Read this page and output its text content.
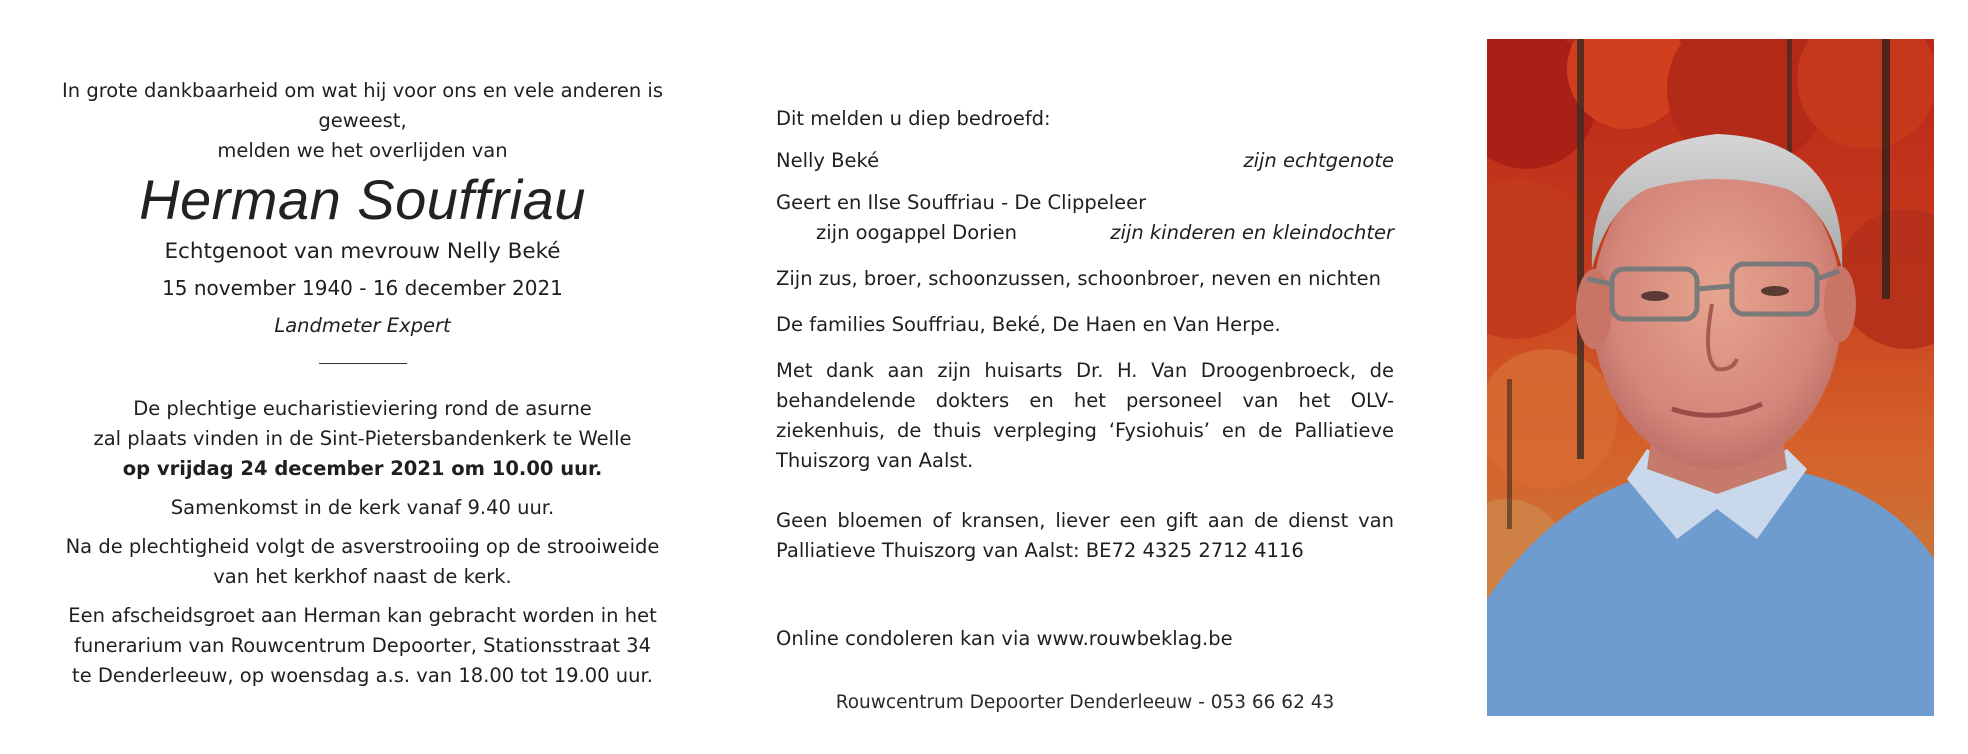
In grote dankbaarheid om wat hij voor ons en vele anderen is geweest,

melden we het overlijden van

Herman Souffriau

Echtgenoot van mevrouw Nelly Beké

15 november 1940 - 16 december 2021

Landmeter Expert

De plechtige eucharistieviering rond de asurne

zal plaats vinden in de Sint-Pietersbandenkerk te Welle

op vrijdag 24 december 2021 om 10.00 uur.

Samenkomst in de kerk vanaf 9.40 uur.

Na de plechtigheid volgt de asverstrooiing op de strooiweide

van het kerkhof naast de kerk.

Een afscheidsgroet aan Herman kan gebracht worden in het

funerarium van Rouwcentrum Depoorter, Stationsstraat 34

te Denderleeuw, op woensdag a.s. van 18.00 tot 19.00 uur.

Dit melden u diep bedroefd:

Nelly Beké	zijn echtgenote

Geert en Ilse Souffriau - De Clippeleer

zijn oogappel Dorien	zijn kinderen en kleindochter

Zijn zus, broer, schoonzussen, schoonbroer, neven en nichten

De families Souffriau, Beké, De Haen en Van Herpe.

Met dank aan zijn huisarts Dr. H. Van Droogenbroeck, de behandelende dokters en het personeel van het OLV-ziekenhuis, de thuis verpleging ‘Fysiohuis’ en de Palliatieve Thuiszorg van Aalst.

Geen bloemen of kransen, liever een gift aan de dienst van Palliatieve Thuiszorg van Aalst: BE72 4325 2712 4116

Online condoleren kan via www.rouwbeklag.be

Rouwcentrum Depoorter Denderleeuw - 053 66 62 43
